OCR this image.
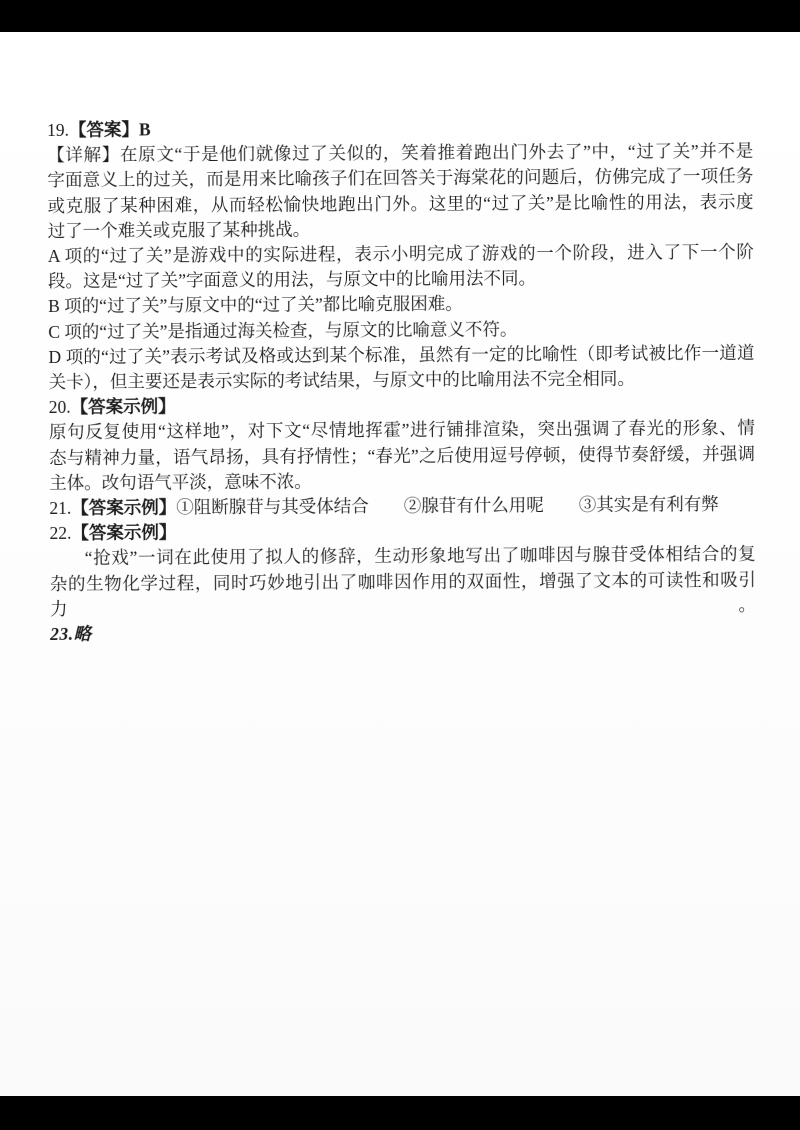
19.【答案】B
【详解】在原文“于是他们就像过了关似的，笑着推着跑出门外去了”中，“过了关”并不是
字面意义上的过关，而是用来比喻孩子们在回答关于海棠花的问题后，仿佛完成了一项任务
或克服了某种困难，从而轻松愉快地跑出门外。这里的“过了关”是比喻性的用法，表示度
过了一个难关或克服了某种挑战。
A 项的“过了关”是游戏中的实际进程，表示小明完成了游戏的一个阶段，进入了下一个阶
段。这是“过了关”字面意义的用法，与原文中的比喻用法不同。
B 项的“过了关”与原文中的“过了关”都比喻克服困难。
C 项的“过了关”是指通过海关检查，与原文的比喻意义不符。
D 项的“过了关”表示考试及格或达到某个标准，虽然有一定的比喻性（即考试被比作一道道
关卡），但主要还是表示实际的考试结果，与原文中的比喻用法不完全相同。
20.【答案示例】
原句反复使用“这样地”，对下文“尽情地挥霍”进行铺排渲染，突出强调了春光的形象、情
态与精神力量，语气昂扬，具有抒情性；“春光”之后使用逗号停顿，使得节奏舒缓，并强调
主体。改句语气平淡，意味不浓。
21.【答案示例】①阻断腺苷与其受体结合　　②腺苷有什么用呢　　③其实是有利有弊
22.【答案示例】
“抢戏”一词在此使用了拟人的修辞，生动形象地写出了咖啡因与腺苷受体相结合的复
杂的生物化学过程，同时巧妙地引出了咖啡因作用的双面性，增强了文本的可读性和吸引力。
23.略
